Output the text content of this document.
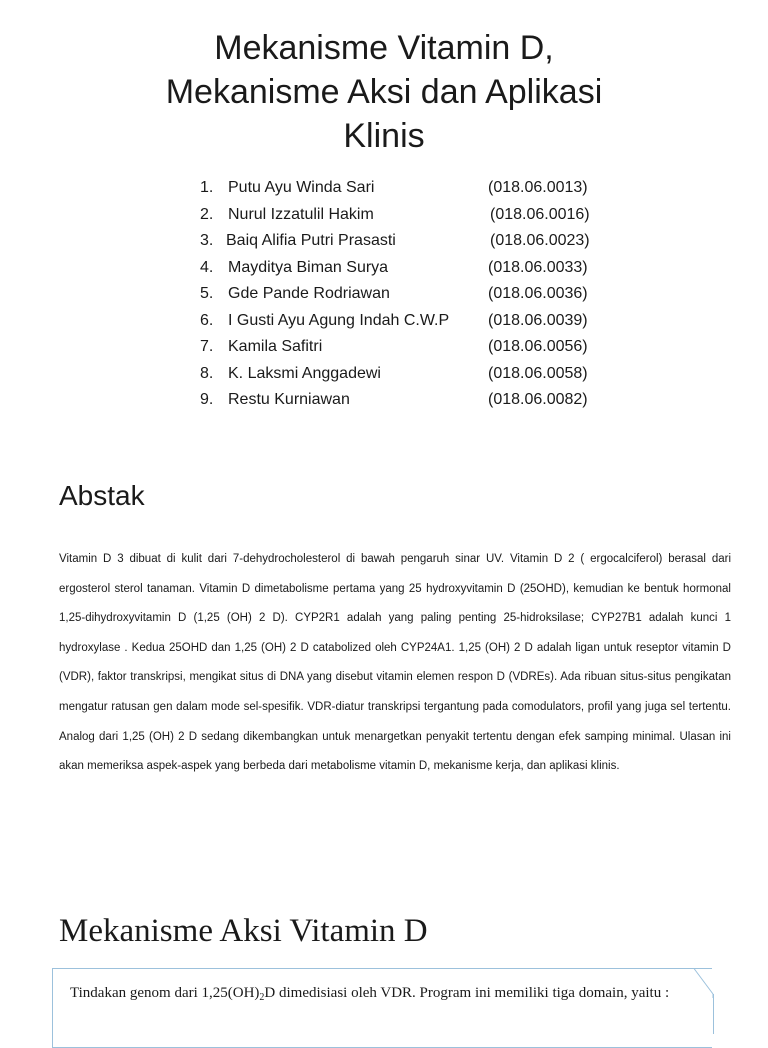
Mekanisme Vitamin D,
Mekanisme Aksi dan Aplikasi
Klinis
1. Putu Ayu Winda Sari	(018.06.0013)
2. Nurul Izzatulil Hakim	(018.06.0016)
3. Baiq Alifia Putri Prasasti	(018.06.0023)
4. Mayditya Biman Surya	(018.06.0033)
5. Gde Pande Rodriawan	(018.06.0036)
6. I Gusti Ayu Agung Indah C.W.P (018.06.0039)
7. Kamila Safitri	(018.06.0056)
8. K. Laksmi Anggadewi	(018.06.0058)
9. Restu Kurniawan	(018.06.0082)
Abstak

Vitamin D 3 dibuat di kulit dari 7-dehydrocholesterol di bawah pengaruh sinar UV. Vitamin D 2 ( ergocalciferol) berasal dari ergosterol sterol tanaman. Vitamin D dimetabolisme pertama yang 25 hydroxyvitamin D (25OHD), kemudian ke bentuk hormonal 1,25-dihydroxyvitamin D (1,25 (OH) 2 D). CYP2R1 adalah yang paling penting 25-hidroksilase; CYP27B1 adalah kunci 1 hydroxylase . Kedua 25OHD dan 1,25 (OH) 2 D catabolized oleh CYP24A1. 1,25 (OH) 2 D adalah ligan untuk reseptor vitamin D (VDR), faktor transkripsi, mengikat situs di DNA yang disebut vitamin elemen respon D (VDREs). Ada ribuan situs-situs pengikatan mengatur ratusan gen dalam mode sel-spesifik. VDR-diatur transkripsi tergantung pada comodulators, profil yang juga sel tertentu. Analog dari 1,25 (OH) 2 D sedang dikembangkan untuk menargetkan penyakit tertentu dengan efek samping minimal. Ulasan ini akan memeriksa aspek-aspek yang berbeda dari metabolisme vitamin D, mekanisme kerja, dan aplikasi klinis.

Mekanisme Aksi Vitamin D

Tindakan genom dari $1,25(OH)_2D$ dimedisiasi oleh VDR. Program ini memiliki tiga domain, yaitu :
